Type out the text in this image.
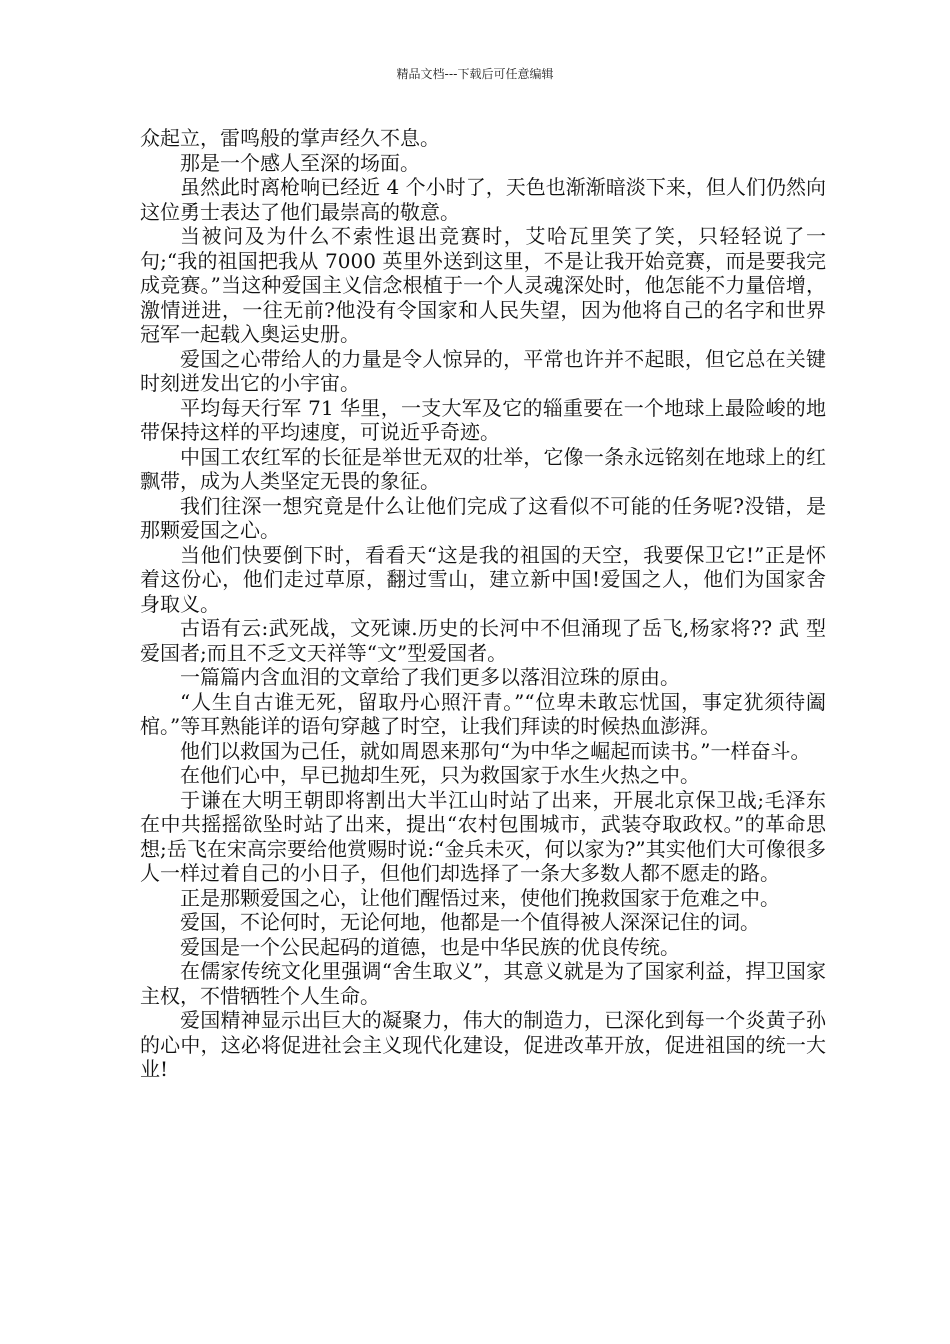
精品文档---下载后可任意编辑

众起立，雷鸣般的掌声经久不息。

那是一个感人至深的场面。

虽然此时离枪响已经近 4 个小时了，天色也渐渐暗淡下来，但人们仍然向这位勇士表达了他们最崇高的敬意。

当被问及为什么不索性退出竞赛时，艾哈瓦里笑了笑，只轻轻说了一句;“我的祖国把我从 7000 英里外送到这里，不是让我开始竞赛，而是要我完成竞赛。”当这种爱国主义信念根植于一个人灵魂深处时，他怎能不力量倍增，激情迸进，一往无前?他没有令国家和人民失望，因为他将自己的名字和世界冠军一起载入奥运史册。

爱国之心带给人的力量是令人惊异的，平常也许并不起眼，但它总在关键时刻迸发出它的小宇宙。

平均每天行军 71 华里，一支大军及它的辎重要在一个地球上最险峻的地带保持这样的平均速度，可说近乎奇迹。

中国工农红军的长征是举世无双的壮举，它像一条永远铭刻在地球上的红飘带，成为人类坚定无畏的象征。

我们往深一想究竟是什么让他们完成了这看似不可能的任务呢?没错，是那颗爱国之心。

当他们快要倒下时，看看天“这是我的祖国的天空，我要保卫它!”正是怀着这份心，他们走过草原，翻过雪山，建立新中国!爱国之人，他们为国家舍身取义。

古语有云:武死战，文死谏.历史的长河中不但涌现了岳飞,杨家将?? 武 型爱国者;而且不乏文天祥等“文”型爱国者。

一篇篇内含血泪的文章给了我们更多以落泪泣珠的原由。

“人生自古谁无死，留取丹心照汗青。”“位卑未敢忘忧国，事定犹须待阖棺。”等耳熟能详的语句穿越了时空，让我们拜读的时候热血澎湃。

他们以救国为己任，就如周恩来那句“为中华之崛起而读书。”一样奋斗。

在他们心中，早已抛却生死，只为救国家于水生火热之中。

于谦在大明王朝即将割出大半江山时站了出来，开展北京保卫战;毛泽东在中共摇摇欲坠时站了出来，提出“农村包围城市，武装夺取政权。”的革命思想;岳飞在宋高宗要给他赏赐时说:“金兵未灭，何以家为?”其实他们大可像很多人一样过着自己的小日子，但他们却选择了一条大多数人都不愿走的路。

正是那颗爱国之心，让他们醒悟过来，使他们挽救国家于危难之中。

爱国，不论何时，无论何地，他都是一个值得被人深深记住的词。

爱国是一个公民起码的道德，也是中华民族的优良传统。

在儒家传统文化里强调“舍生取义”，其意义就是为了国家利益，捍卫国家主权，不惜牺牲个人生命。

爱国精神显示出巨大的凝聚力，伟大的制造力，已深化到每一个炎黄子孙的心中，这必将促进社会主义现代化建设，促进改革开放，促进祖国的统一大业!
